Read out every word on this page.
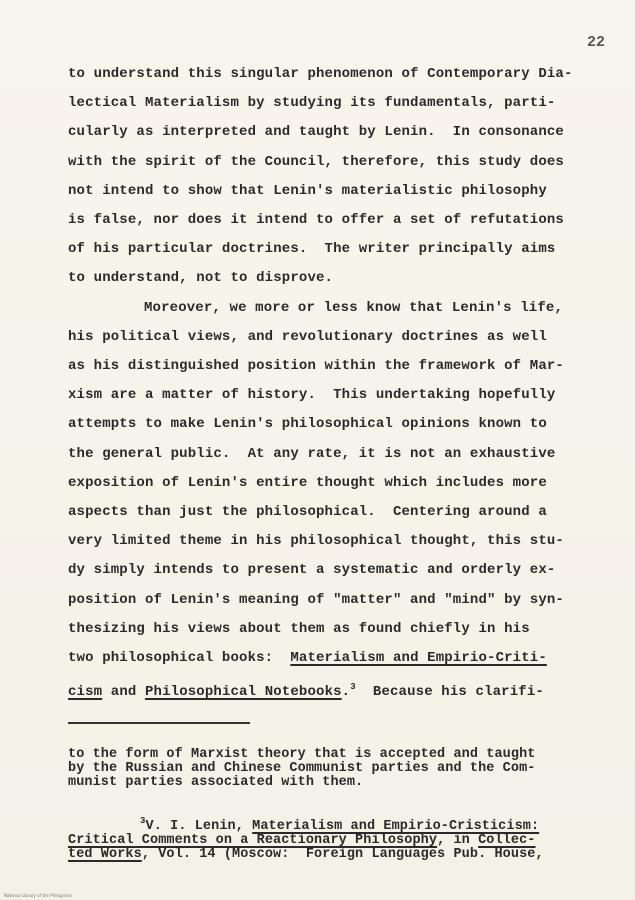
22
to understand this singular phenomenon of Contemporary Dia-
lectical Materialism by studying its fundamentals, parti-
cularly as interpreted and taught by Lenin.  In consonance
with the spirit of the Council, therefore, this study does
not intend to show that Lenin's materialistic philosophy
is false, nor does it intend to offer a set of refutations
of his particular doctrines.  The writer principally aims
to understand, not to disprove.
Moreover, we more or less know that Lenin's life,
his political views, and revolutionary doctrines as well
as his distinguished position within the framework of Mar-
xism are a matter of history.  This undertaking hopefully
attempts to make Lenin's philosophical opinions known to
the general public.  At any rate, it is not an exhaustive
exposition of Lenin's entire thought which includes more
aspects than just the philosophical.  Centering around a
very limited theme in his philosophical thought, this stu-
dy simply intends to present a systematic and orderly ex-
position of Lenin's meaning of "matter" and "mind" by syn-
thesizing his views about them as found chiefly in his
two philosophical books:  Materialism and Empirio-Criti-
cism and Philosophical Notebooks.$^3$  Because his clarifi-
to the form of Marxist theory that is accepted and taught
by the Russian and Chinese Communist parties and the Com-
munist parties associated with them.
$^3$V. I. Lenin, Materialism and Empirio-Cristicism:
Critical Comments on a Reactionary Philosophy, in Collec-
ted Works, Vol. 14 (Moscow:  Foreign Languages Pub. House,
National Library of the Philippines
